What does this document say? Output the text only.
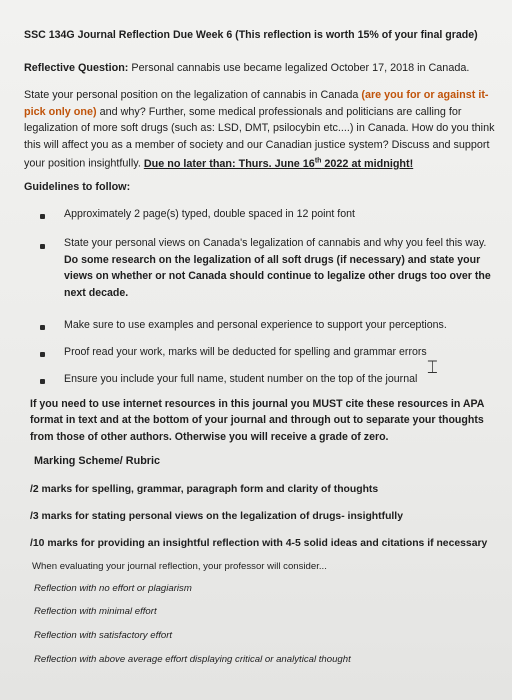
SSC 134G Journal Reflection Due Week 6 (This reflection is worth 15% of your final grade)
Reflective Question: Personal cannabis use became legalized October 17, 2018 in Canada.
State your personal position on the legalization of cannabis in Canada (are you for or against it- pick only one) and why? Further, some medical professionals and politicians are calling for legalization of more soft drugs (such as: LSD, DMT, psilocybin etc....) in Canada. How do you think this will affect you as a member of society and our Canadian justice system? Discuss and support your position insightfully. Due no later than: Thurs. June 16th 2022 at midnight!
Guidelines to follow:
Approximately 2 page(s) typed, double spaced in 12 point font
State your personal views on Canada's legalization of cannabis and why you feel this way. Do some research on the legalization of all soft drugs (if necessary) and state your views on whether or not Canada should continue to legalize other drugs too over the next decade.
Make sure to use examples and personal experience to support your perceptions.
Proof read your work, marks will be deducted for spelling and grammar errors
Ensure you include your full name, student number on the top of the journal
⌶
If you need to use internet resources in this journal you MUST cite these resources in APA format in text and at the bottom of your journal and through out to separate your thoughts from those of other authors. Otherwise you will receive a grade of zero.
Marking Scheme/ Rubric
/2 marks for spelling, grammar, paragraph form and clarity of thoughts
/3 marks for stating personal views on the legalization of drugs- insightfully
/10 marks for providing an insightful reflection with 4-5 solid ideas and citations if necessary
When evaluating your journal reflection, your professor will consider...
Reflection with no effort or plagiarism
Reflection with minimal effort
Reflection with satisfactory effort
Reflection with above average effort displaying critical or analytical thought
